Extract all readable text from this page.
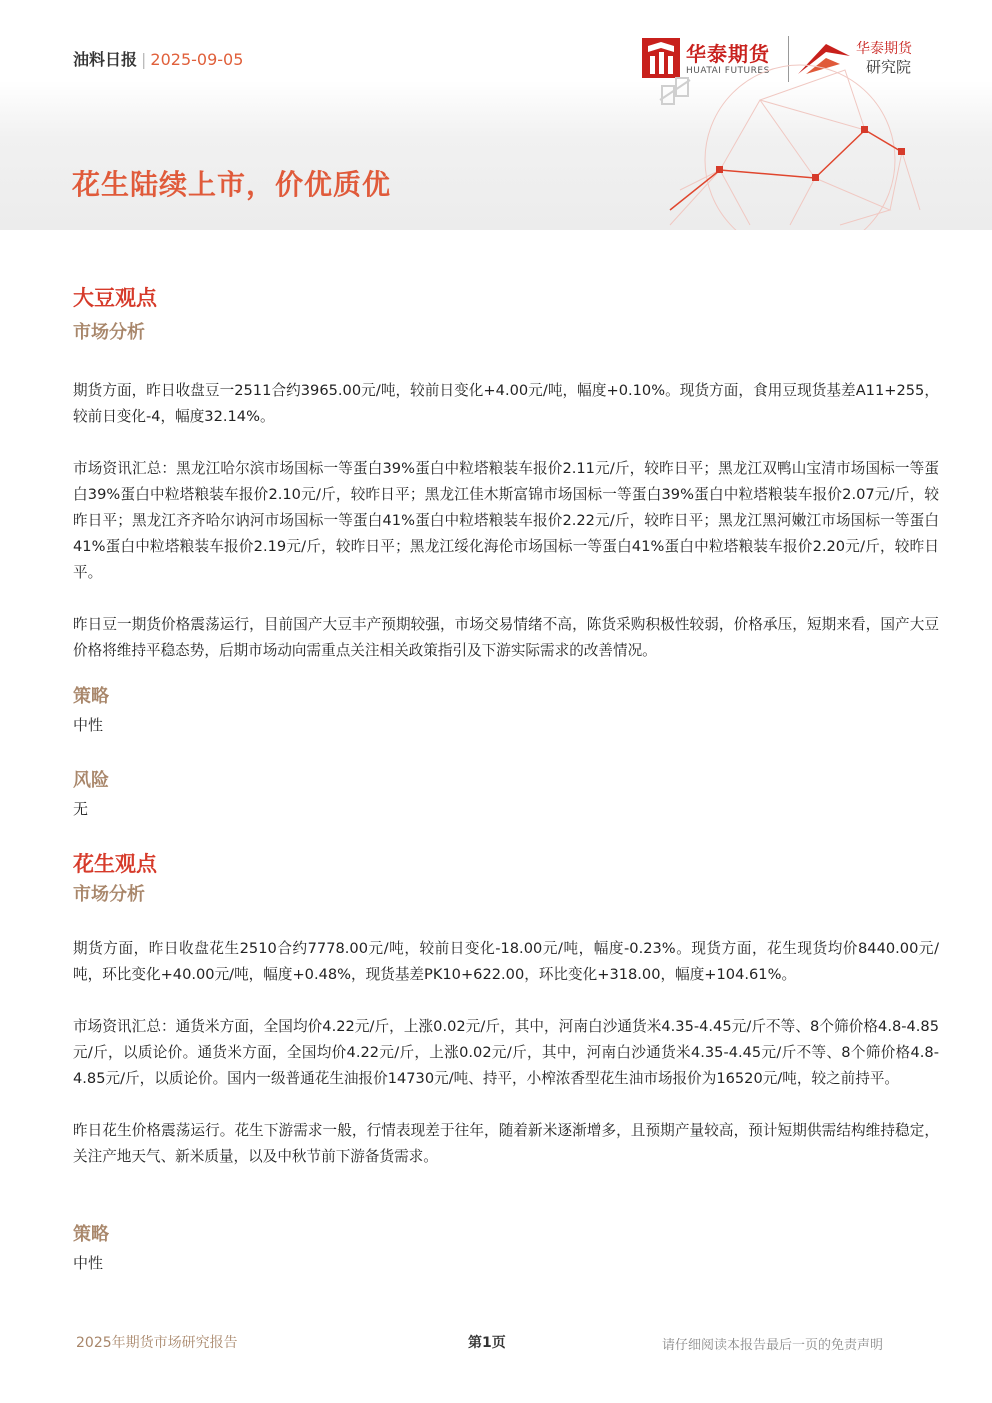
油料日报 | 2025-09-05	华泰期货
HUATAI FUTURES
华泰期货
研究院
花生陆续上市，价优质优
大豆观点
市场分析

期货方面，昨日收盘豆一2511合约3965.00元/吨，较前日变化+4.00元/吨，幅度+0.10%。现货方面，食用豆现货基差A11+255，较前日变化-4，幅度32.14%。

市场资讯汇总：黑龙江哈尔滨市场国标一等蛋白39%蛋白中粒塔粮装车报价2.11元/斤，较昨日平；黑龙江双鸭山宝清市场国标一等蛋白39%蛋白中粒塔粮装车报价2.10元/斤，较昨日平；黑龙江佳木斯富锦市场国标一等蛋白39%蛋白中粒塔粮装车报价2.07元/斤，较昨日平；黑龙江齐齐哈尔讷河市场国标一等蛋白41%蛋白中粒塔粮装车报价2.22元/斤，较昨日平；黑龙江黑河嫩江市场国标一等蛋白41%蛋白中粒塔粮装车报价2.19元/斤，较昨日平；黑龙江绥化海伦市场国标一等蛋白41%蛋白中粒塔粮装车报价2.20元/斤，较昨日平。

昨日豆一期货价格震荡运行，目前国产大豆丰产预期较强，市场交易情绪不高，陈货采购积极性较弱，价格承压，短期来看，国产大豆价格将维持平稳态势，后期市场动向需重点关注相关政策指引及下游实际需求的改善情况。

策略
中性
风险
无
花生观点
市场分析

期货方面，昨日收盘花生2510合约7778.00元/吨，较前日变化-18.00元/吨，幅度-0.23%。现货方面，花生现货均价8440.00元/吨，环比变化+40.00元/吨，幅度+0.48%，现货基差PK10+622.00，环比变化+318.00，幅度+104.61%。

市场资讯汇总：通货米方面，全国均价4.22元/斤，上涨0.02元/斤，其中，河南白沙通货米4.35-4.45元/斤不等、8个筛价格4.8-4.85元/斤，以质论价。通货米方面，全国均价4.22元/斤，上涨0.02元/斤，其中，河南白沙通货米4.35-4.45元/斤不等、8个筛价格4.8-4.85元/斤，以质论价。国内一级普通花生油报价14730元/吨、持平，小榨浓香型花生油市场报价为16520元/吨，较之前持平。

昨日花生价格震荡运行。花生下游需求一般，行情表现差于往年，随着新米逐渐增多，且预期产量较高，预计短期供需结构维持稳定，关注产地天气、新米质量，以及中秋节前下游备货需求。

策略
中性
2025年期货市场研究报告	第1页	请仔细阅读本报告最后一页的免责声明
